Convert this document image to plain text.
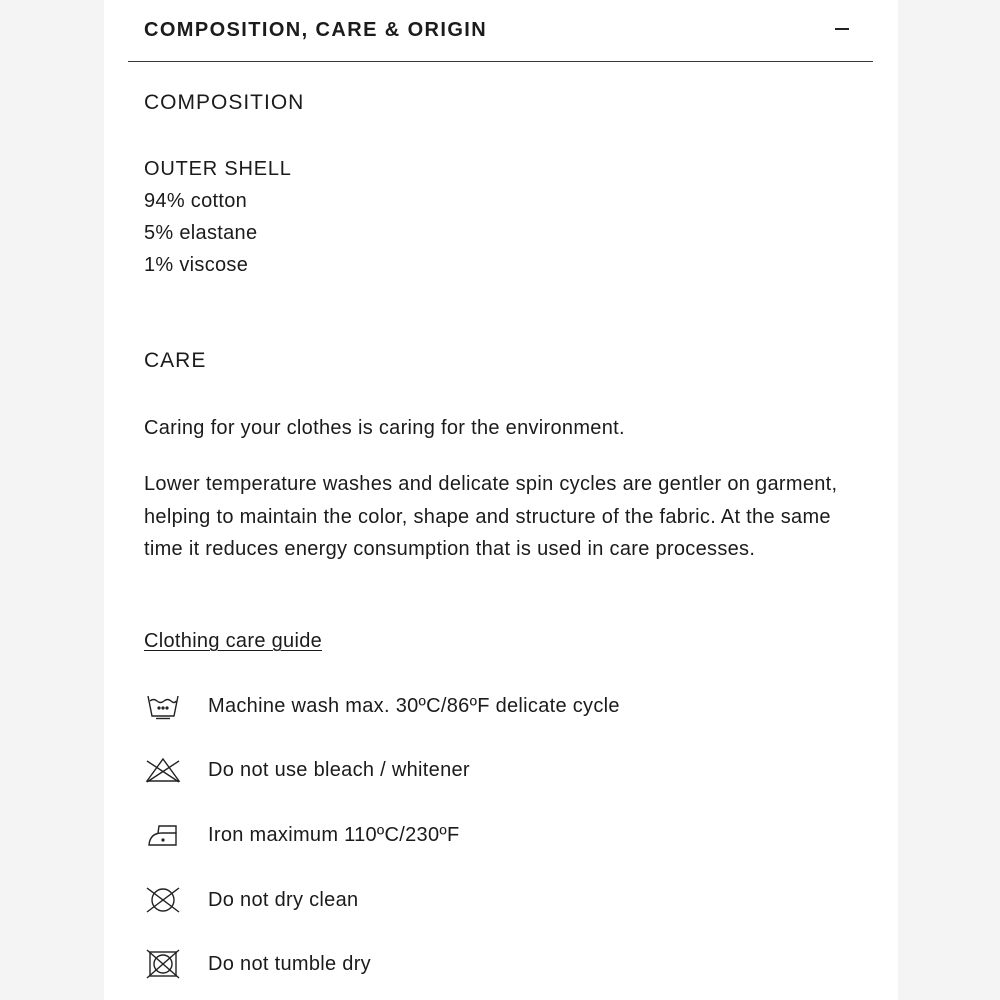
COMPOSITION, CARE & ORIGIN
COMPOSITION
OUTER SHELL
94% cotton
5% elastane
1% viscose
CARE

Caring for your clothes is caring for the environment.

Lower temperature washes and delicate spin cycles are gentler on garment, helping to maintain the color, shape and structure of the fabric. At the same time it reduces energy consumption that is used in care processes.

Clothing care guide
Machine wash max. 30ºC/86ºF delicate cycle
Do not use bleach / whitener
Iron maximum 110ºC/230ºF
Do not dry clean
Do not tumble dry
